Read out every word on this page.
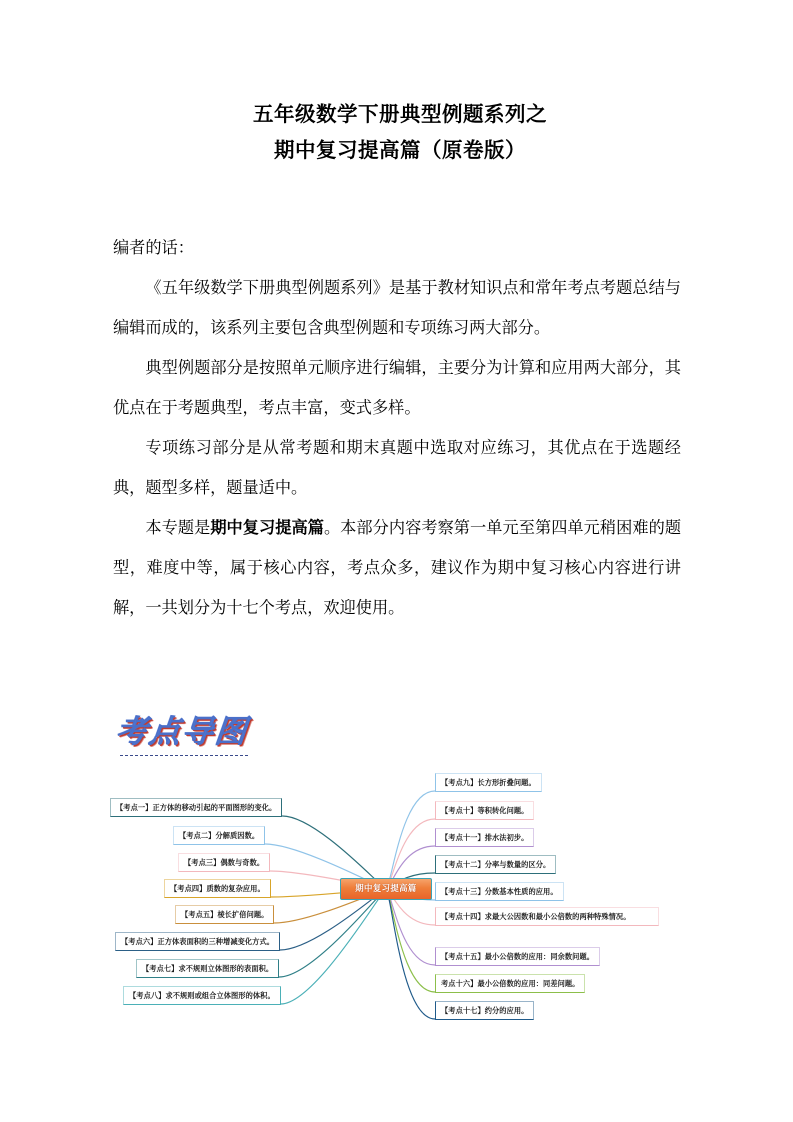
五年级数学下册典型例题系列之
期中复习提高篇（原卷版）

编者的话：

《五年级数学下册典型例题系列》是基于教材知识点和常年考点考题总结与编辑而成的，该系列主要包含典型例题和专项练习两大部分。

典型例题部分是按照单元顺序进行编辑，主要分为计算和应用两大部分，其优点在于考题典型，考点丰富，变式多样。

专项练习部分是从常考题和期末真题中选取对应练习，其优点在于选题经典，题型多样，题量适中。

本专题是期中复习提高篇。本部分内容考察第一单元至第四单元稍困难的题型，难度中等，属于核心内容，考点众多，建议作为期中复习核心内容进行讲解，一共划分为十七个考点，欢迎使用。

考点导图
【考点一】正方体的移动引起的平面图形的变化。
【考点二】分解质因数。
【考点三】偶数与奇数。
【考点四】质数的复杂应用。
【考点五】棱长扩倍问题。
【考点六】正方体表面积的三种增减变化方式。
【考点七】求不规则立体图形的表面积。
【考点八】求不规则或组合立体图形的体积。
期中复习提高篇
【考点九】长方形折叠问题。
【考点十】等积转化问题。
【考点十一】排水法初步。
【考点十二】分率与数量的区分。
【考点十三】分数基本性质的应用。
【考点十四】求最大公因数和最小公倍数的两种特殊情况。
【考点十五】最小公倍数的应用：同余数问题。
考点十六】最小公倍数的应用：同差问题。
【考点十七】约分的应用。
